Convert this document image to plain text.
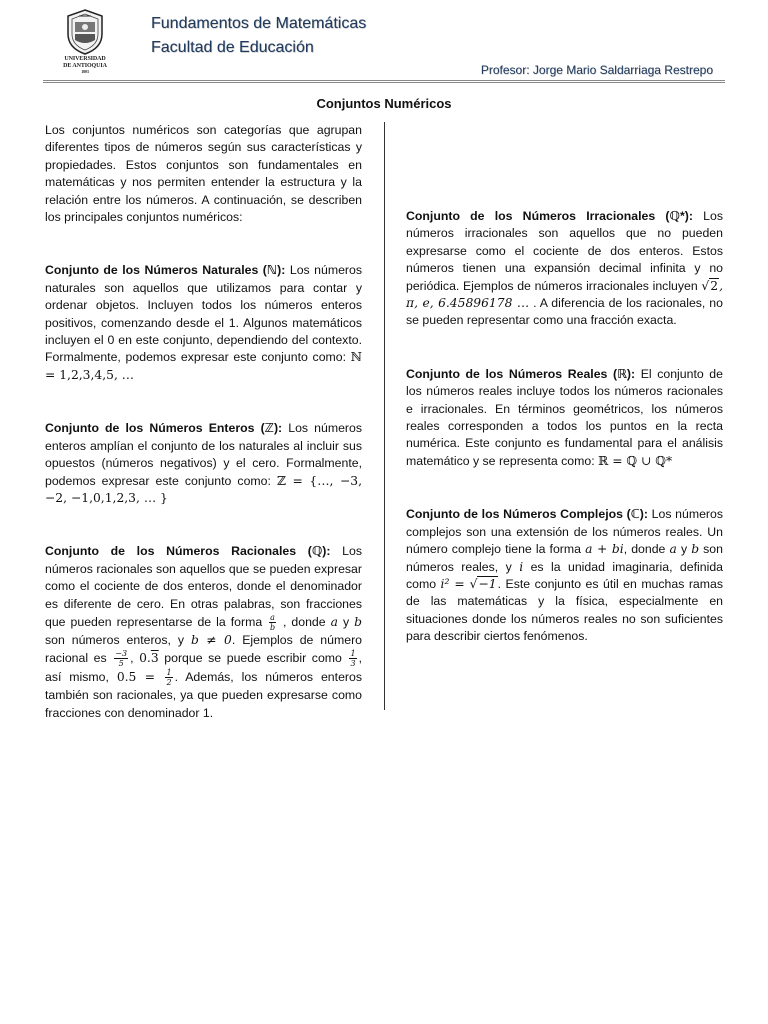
UNIVERSIDAD
DE ANTIOQUIA
1803
Fundamentos de Matemáticas
Facultad de Educación
Profesor: Jorge Mario Saldarriaga Restrepo
Conjuntos Numéricos

Los conjuntos numéricos son categorías que agrupan diferentes tipos de números según sus características y propiedades. Estos conjuntos son fundamentales en matemáticas y nos permiten entender la estructura y la relación entre los números. A continuación, se describen los principales conjuntos numéricos:

Conjunto de los Números Naturales (ℕ): Los números naturales son aquellos que utilizamos para contar y ordenar objetos. Incluyen todos los números enteros positivos, comenzando desde el 1. Algunos matemáticos incluyen el 0 en este conjunto, dependiendo del contexto. Formalmente, podemos expresar este conjunto como: ℕ = 1,2,3,4,5, …

Conjunto de los Números Enteros (ℤ): Los números enteros amplían el conjunto de los naturales al incluir sus opuestos (números negativos) y el cero. Formalmente, podemos expresar este conjunto como: ℤ = {…, −3, −2, −1,0,1,2,3, … }

Conjunto de los Números Racionales (ℚ): Los números racionales son aquellos que se pueden expresar como el cociente de dos enteros, donde el denominador es diferente de cero. En otras palabras, son fracciones que pueden representarse de la forma $\frac{a}{b}$ , donde a y b son números enteros, y b ≠ 0. Ejemplos de número racional es $\frac{-3}{5}$ , 0.3 porque se puede escribir como $\frac{1}{3}$ , así mismo, $0.5 = \frac{1}{2}$ . Además, los números enteros también son racionales, ya que pueden expresarse como fracciones con denominador 1.

Conjunto de los Números Irracionales (ℚ*): Los números irracionales son aquellos que no pueden expresarse como el cociente de dos enteros. Estos números tienen una expansión decimal infinita y no periódica. Ejemplos de números irracionales incluyen √2, π, e, 6.45896178 … . A diferencia de los racionales, no se pueden representar como una fracción exacta.

Conjunto de los Números Reales (ℝ): El conjunto de los números reales incluye todos los números racionales e irracionales. En términos geométricos, los números reales corresponden a todos los puntos en la recta numérica. Este conjunto es fundamental para el análisis matemático y se representa como: ℝ = ℚ ∪ ℚ*

Conjunto de los Números Complejos (ℂ): Los números complejos son una extensión de los números reales. Un número complejo tiene la forma a + bi, donde a y b son números reales, y i es la unidad imaginaria, definida como i² = √−1. Este conjunto es útil en muchas ramas de las matemáticas y la física, especialmente en situaciones donde los números reales no son suficientes para describir ciertos fenómenos.
